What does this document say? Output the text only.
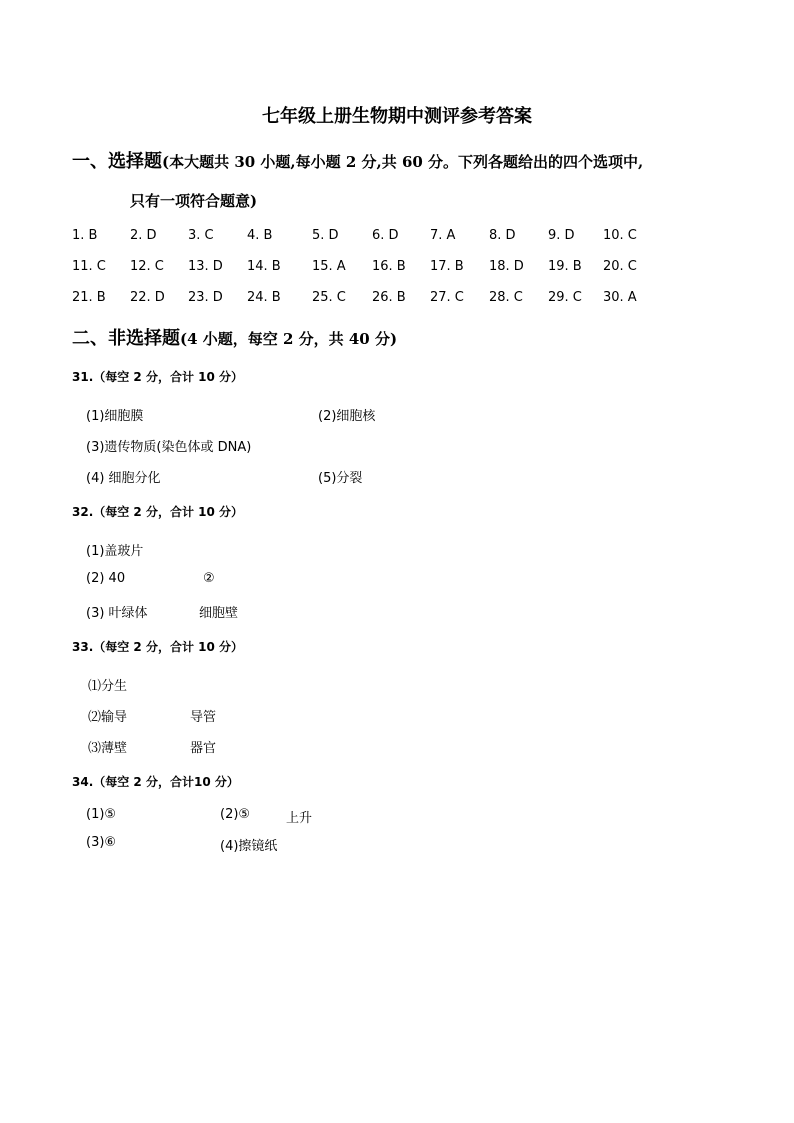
七年级上册生物期中测评参考答案
一、选择题(本大题共 30 小题,每小题 2 分,共 60 分。下列各题给出的四个选项中,
只有一项符合题意)
1. B	2. D 3. C	4. B	5. D	6. D 7. A	8. D 9. D 10. C
11. C 12. C 13. D 14. B 15. A 16. B 17. B 18. D 19. B 20. C
21. B 22. D 23. D 24. B 25. C 26. B 27. C 28. C 29. C 30. A
二、非选择题(4 小题，每空 2 分，共 40 分)
31.（每空 2 分，合计 10 分）
(1)细胞膜	(2)细胞核
(3)遗传物质(染色体或 DNA)
(4) 细胞分化	(5)分裂
32.（每空 2 分，合计 10 分）
(1)盖玻片
(2) 40	②
(3) 叶绿体	细胞壁
33.（每空 2 分，合计 10 分）
⑴分生
⑵输导	导管
⑶薄壁	器官
34.（每空 2 分，合计10 分）
(1)⑤	(2)⑤	上升
(3)⑥	(4)擦镜纸
